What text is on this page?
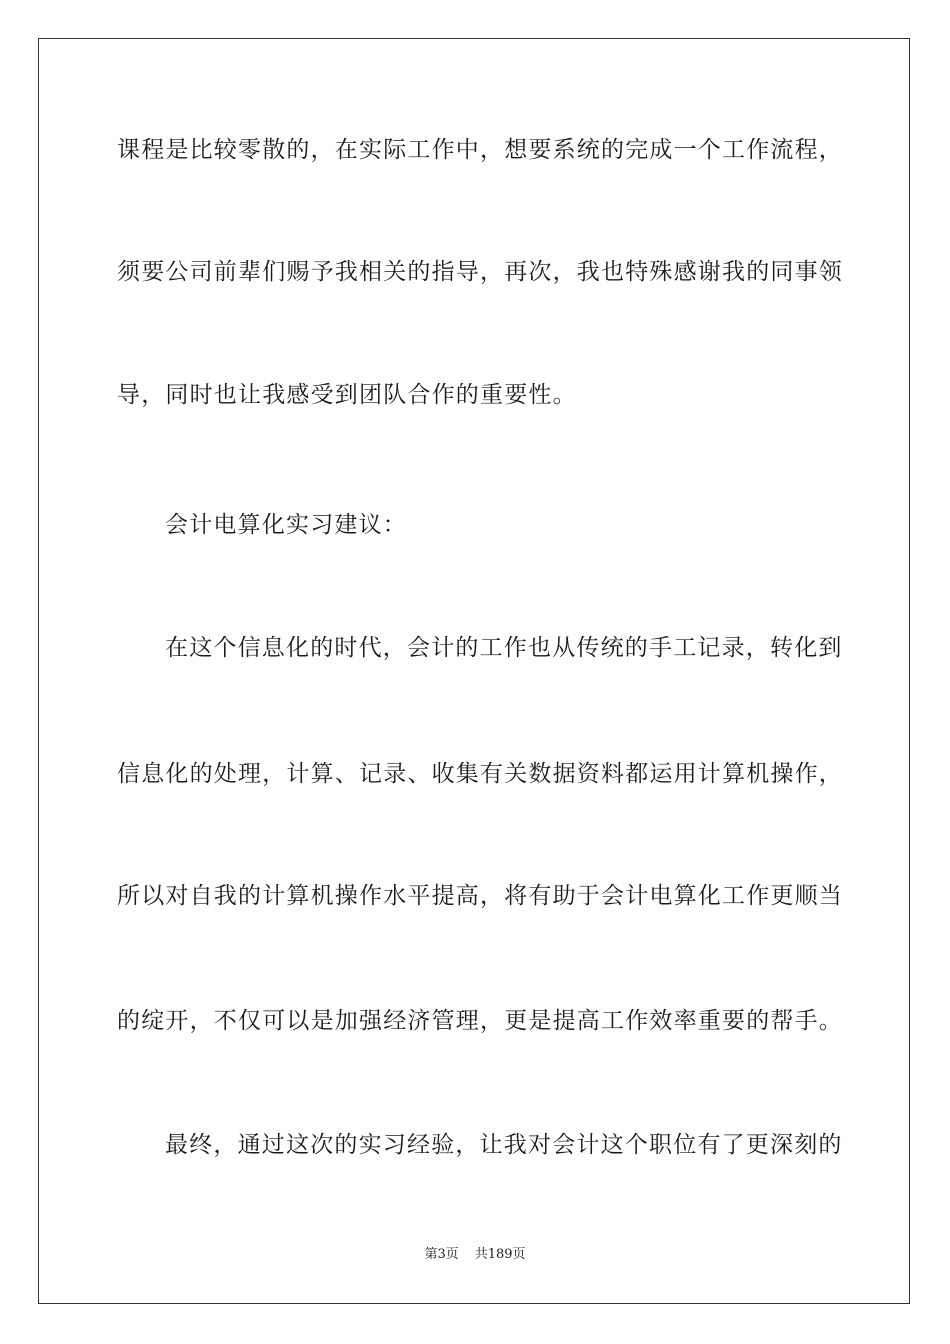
课程是比较零散的，在实际工作中，想要系统的完成一个工作流程，

须要公司前辈们赐予我相关的指导，再次，我也特殊感谢我的同事领

导，同时也让我感受到团队合作的重要性。

会计电算化实习建议：

在这个信息化的时代，会计的工作也从传统的手工记录，转化到

信息化的处理，计算、记录、收集有关数据资料都运用计算机操作，

所以对自我的计算机操作水平提高，将有助于会计电算化工作更顺当

的绽开，不仅可以是加强经济管理，更是提高工作效率重要的帮手。

最终，通过这次的实习经验，让我对会计这个职位有了更深刻的

第3页 共189页
